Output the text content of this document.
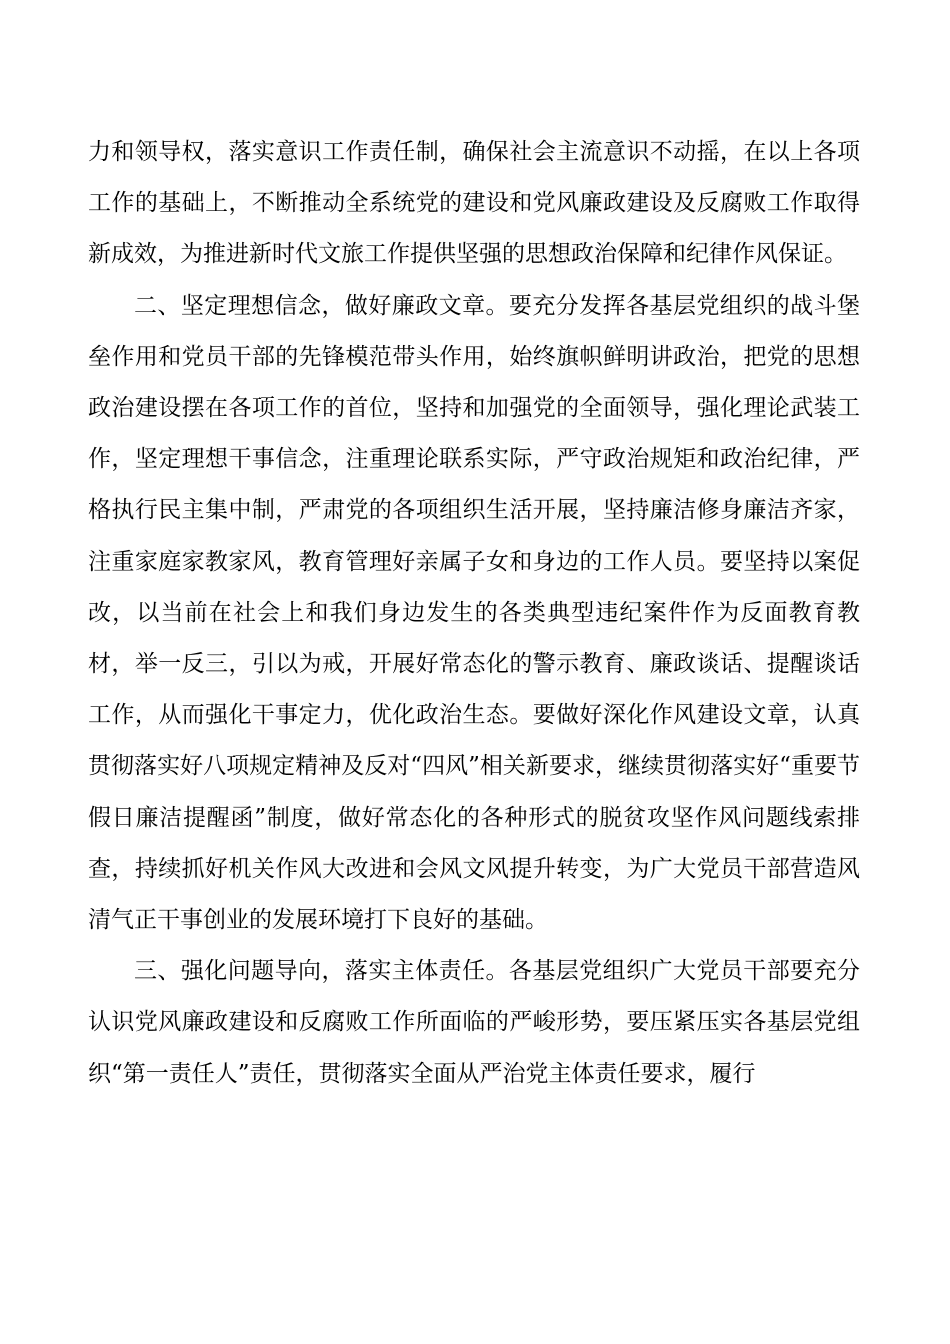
力和领导权，落实意识工作责任制，确保社会主流意识不动摇，在以上各项工作的基础上，不断推动全系统党的建设和党风廉政建设及反腐败工作取得新成效，为推进新时代文旅工作提供坚强的思想政治保障和纪律作风保证。

二、坚定理想信念，做好廉政文章。要充分发挥各基层党组织的战斗堡垒作用和党员干部的先锋模范带头作用，始终旗帜鲜明讲政治，把党的思想政治建设摆在各项工作的首位，坚持和加强党的全面领导，强化理论武装工作，坚定理想干事信念，注重理论联系实际，严守政治规矩和政治纪律，严格执行民主集中制，严肃党的各项组织生活开展，坚持廉洁修身廉洁齐家，注重家庭家教家风，教育管理好亲属子女和身边的工作人员。要坚持以案促改，以当前在社会上和我们身边发生的各类典型违纪案件作为反面教育教材，举一反三，引以为戒，开展好常态化的警示教育、廉政谈话、提醒谈话工作，从而强化干事定力，优化政治生态。要做好深化作风建设文章，认真贯彻落实好八项规定精神及反对“四风”相关新要求，继续贯彻落实好“重要节假日廉洁提醒函”制度，做好常态化的各种形式的脱贫攻坚作风问题线索排查，持续抓好机关作风大改进和会风文风提升转变，为广大党员干部营造风清气正干事创业的发展环境打下良好的基础。

三、强化问题导向，落实主体责任。各基层党组织广大党员干部要充分认识党风廉政建设和反腐败工作所面临的严峻形势，要压紧压实各基层党组织“第一责任人”责任，贯彻落实全面从严治党主体责任要求，履行
